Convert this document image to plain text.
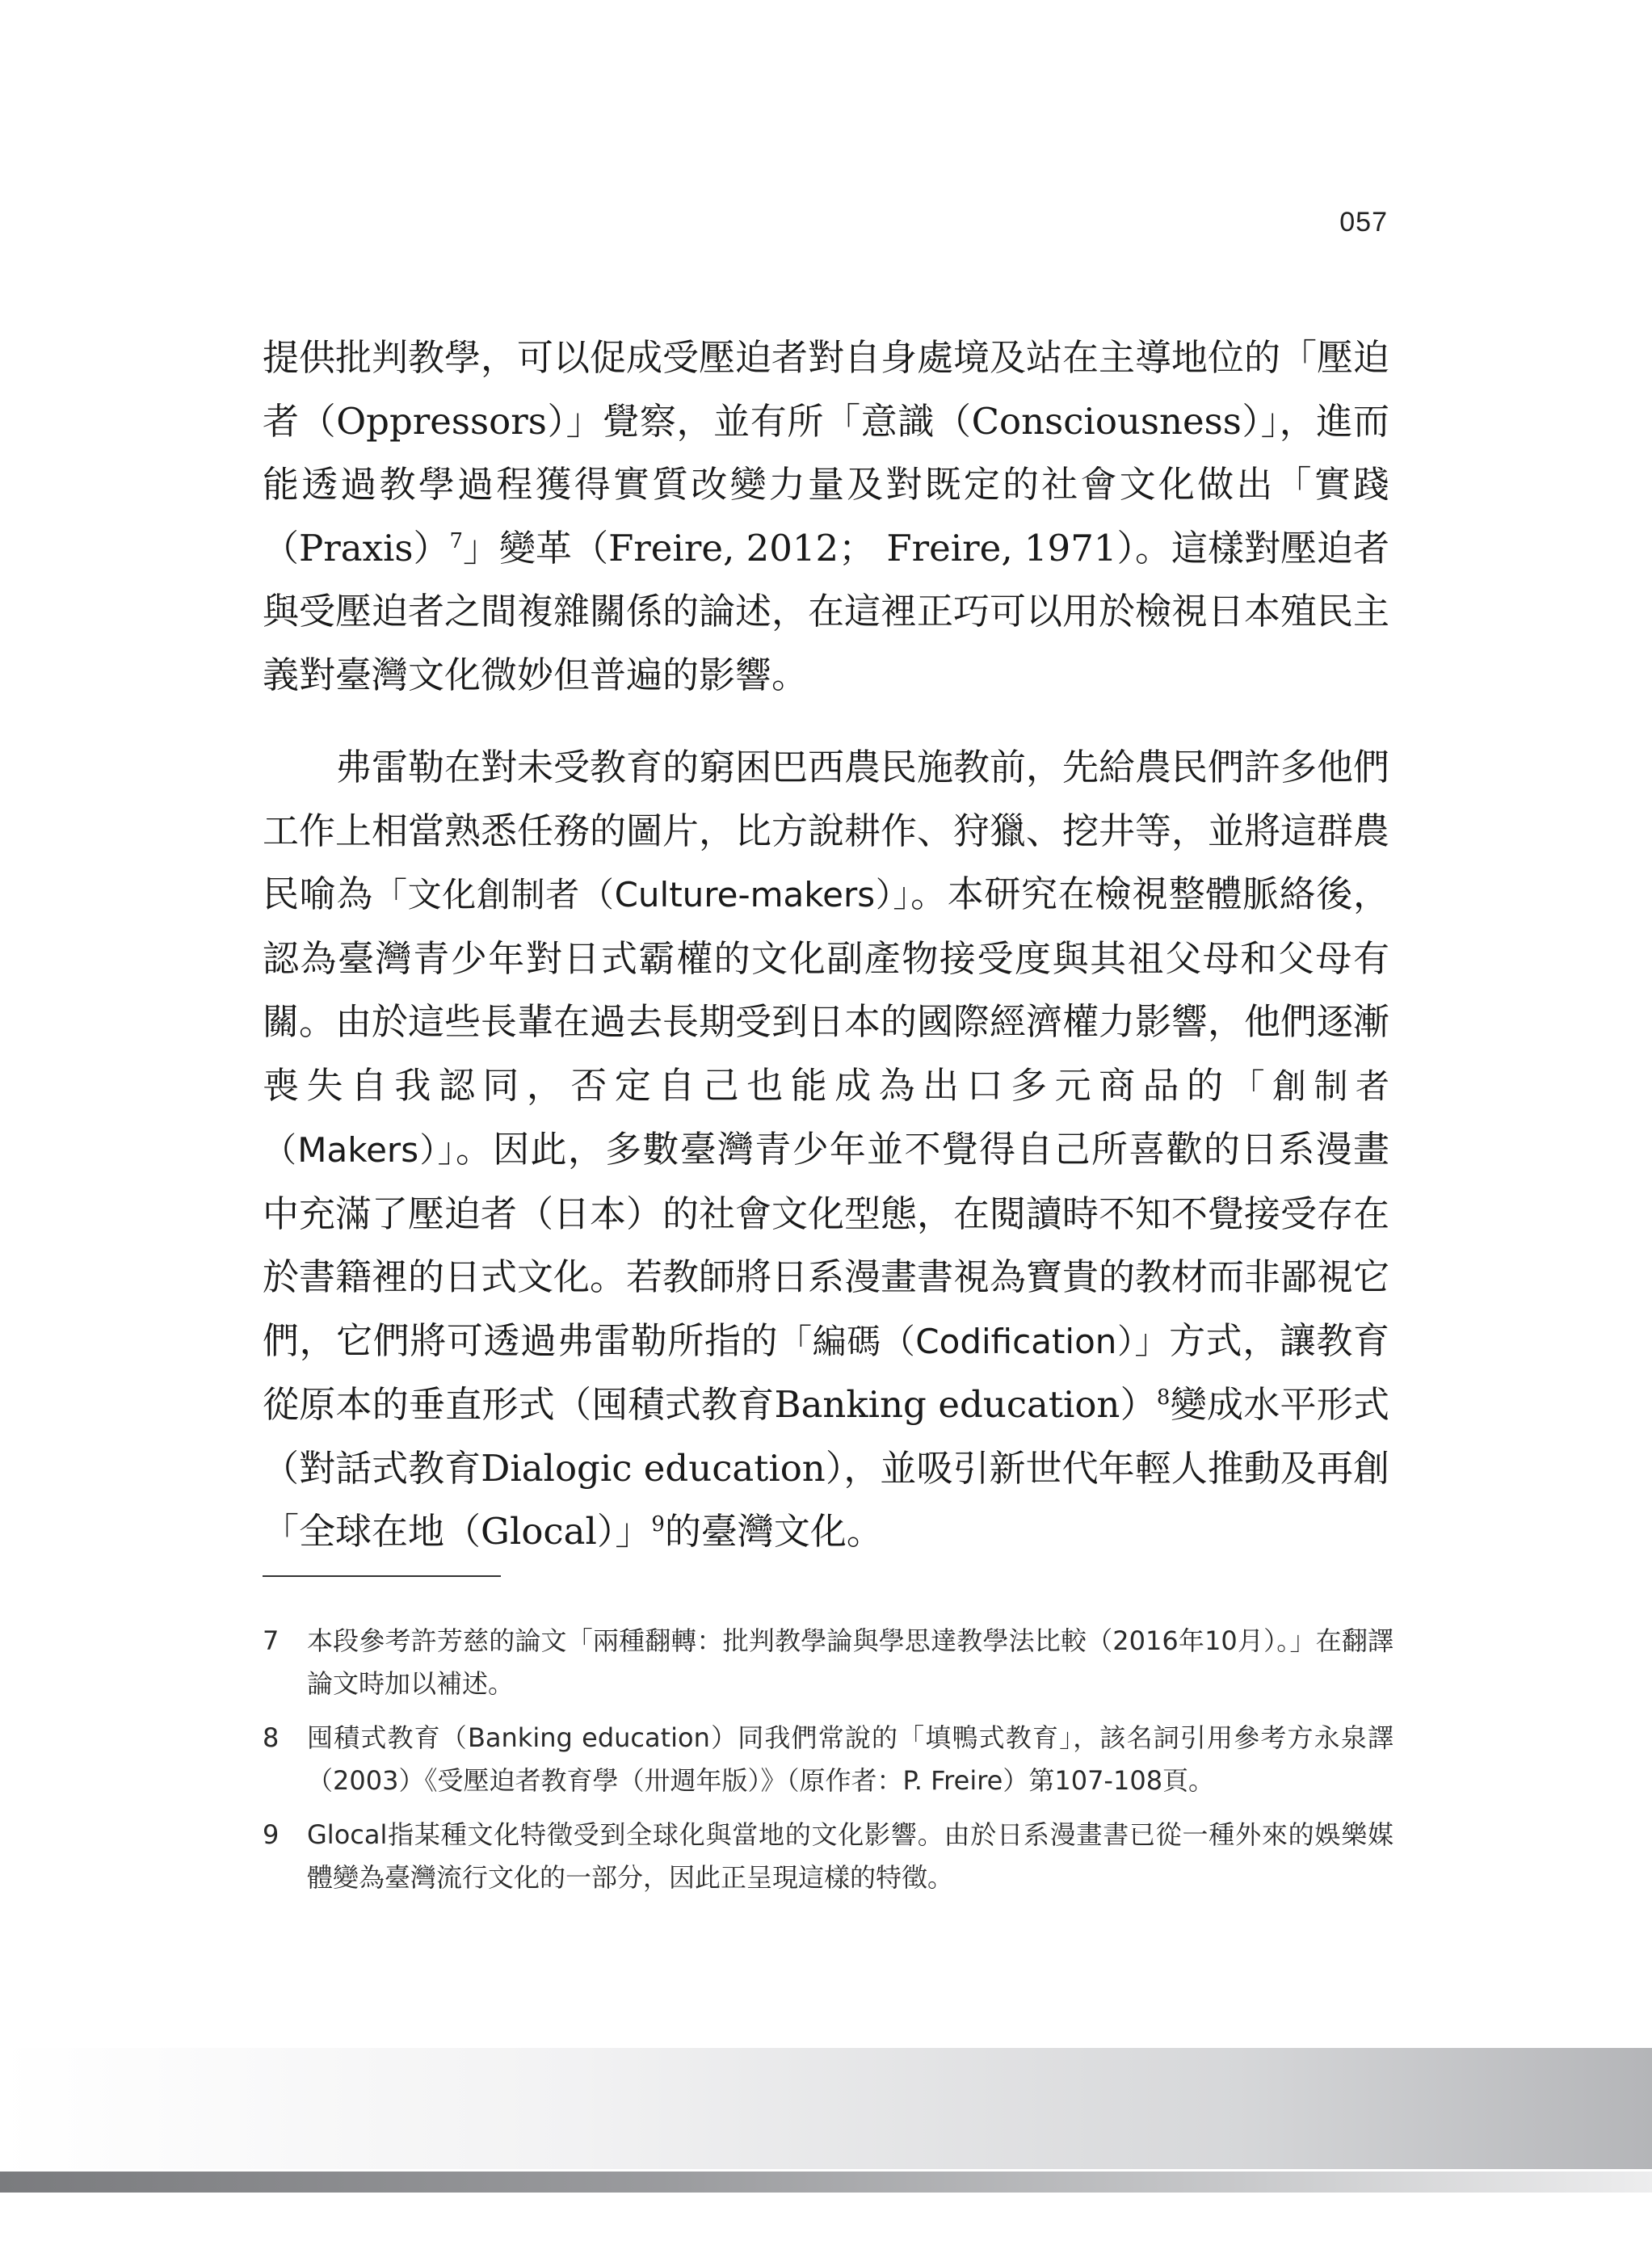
057

提供批判教學，可以促成受壓迫者對自身處境及站在主導地位的「壓迫者（Oppressors）」覺察，並有所「意識（Consciousness）」，進而能透過教學過程獲得實質改變力量及對既定的社會文化做出「實踐（Praxis）$^7$」變革（Freire, 2012； Freire, 1971）。這樣對壓迫者與受壓迫者之間複雜關係的論述，在這裡正巧可以用於檢視日本殖民主義對臺灣文化微妙但普遍的影響。

弗雷勒在對未受教育的窮困巴西農民施教前，先給農民們許多他們工作上相當熟悉任務的圖片，比方說耕作、狩獵、挖井等，並將這群農民喻為「文化創制者（Culture-makers）」。本研究在檢視整體脈絡後，認為臺灣青少年對日式霸權的文化副產物接受度與其祖父母和父母有關。由於這些長輩在過去長期受到日本的國際經濟權力影響，他們逐漸喪失自我認同，否定自己也能成為出口多元商品的「創制者（Makers）」。因此，多數臺灣青少年並不覺得自己所喜歡的日系漫畫中充滿了壓迫者（日本）的社會文化型態，在閱讀時不知不覺接受存在於書籍裡的日式文化。若教師將日系漫畫書視為寶貴的教材而非鄙視它們，它們將可透過弗雷勒所指的「編碼（Codification）」方式，讓教育從原本的垂直形式（囤積式教育Banking education）$^8$變成水平形式（對話式教育Dialogic education），並吸引新世代年輕人推動及再創「全球在地（Glocal）」$^9$的臺灣文化。

7	本段參考許芳慈的論文「兩種翻轉：批判教學論與學思達教學法比較（2016年10月）。」在翻譯論文時加以補述。
8	囤積式教育（Banking education）同我們常說的「填鴨式教育」，該名詞引用參考方永泉譯（2003）《受壓迫者教育學（卅週年版）》（原作者：P. Freire）第107-108頁。
9	Glocal指某種文化特徵受到全球化與當地的文化影響。由於日系漫畫書已從一種外來的娛樂媒體變為臺灣流行文化的一部分，因此正呈現這樣的特徵。
